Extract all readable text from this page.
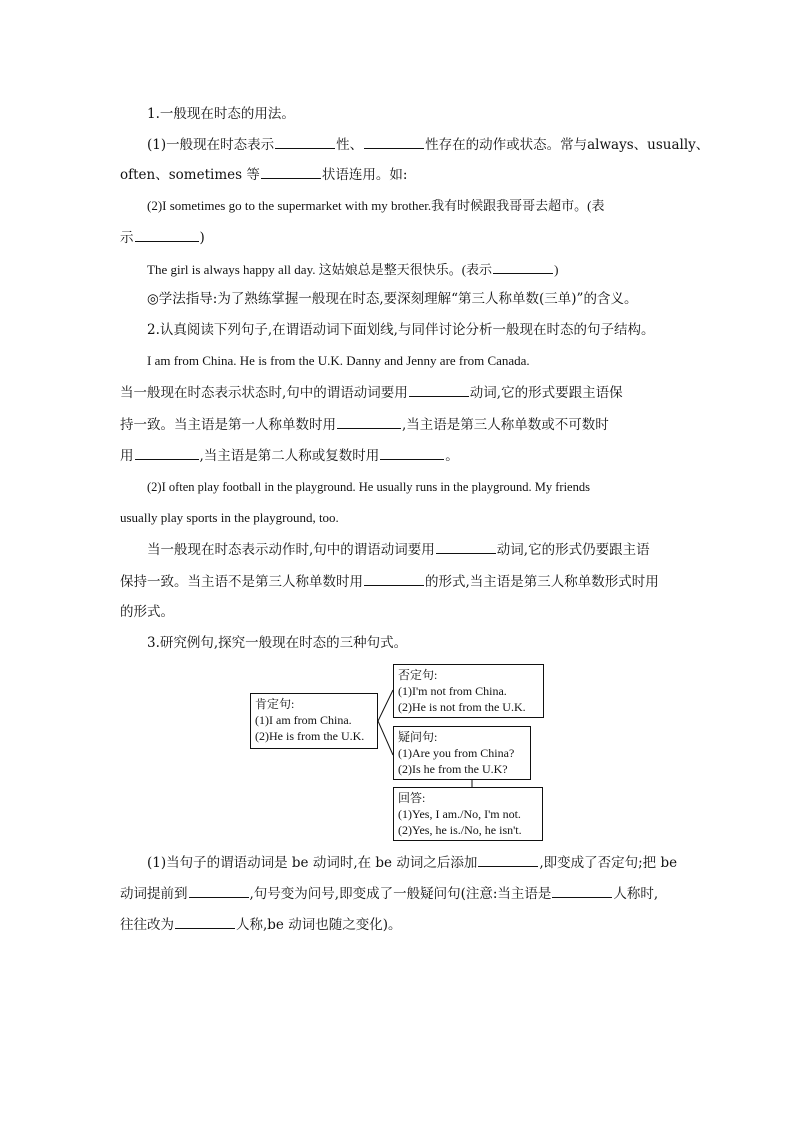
1.一般现在时态的用法。
(1)一般现在时态表示	性、	性存在的动作或状态。常与always、usually、
often、sometimes 等	状语连用。如:
(2)I sometimes go to the supermarket with my brother.我有时候跟我哥哥去超市。(表
示	)
The girl is always happy all day. 这姑娘总是整天很快乐。(表示	)
◎学法指导:为了熟练掌握一般现在时态,要深刻理解“第三人称单数(三单)”的含义。
2.认真阅读下列句子,在谓语动词下面划线,与同伴讨论分析一般现在时态的句子结构。
I am from China. He is from the U.K. Danny and Jenny are from Canada.
当一般现在时态表示状态时,句中的谓语动词要用	动词,它的形式要跟主语保
持一致。当主语是第一人称单数时用	,当主语是第三人称单数或不可数时
用	,当主语是第二人称或复数时用	。
(2)I often play football in the playground. He usually runs in the playground. My friends
usually play sports in the playground, too.
当一般现在时态表示动作时,句中的谓语动词要用	动词,它的形式仍要跟主语
保持一致。当主语不是第三人称单数时用	的形式,当主语是第三人称单数形式时用
的形式。
3.研究例句,探究一般现在时态的三种句式。
肯定句:
(1)I am from China.
(2)He is from the U.K.
否定句:
(1)I'm not from China.
(2)He is not from the U.K.
疑问句:
(1)Are you from China?
(2)Is he from the U.K?
回答:
(1)Yes, I am./No, I'm not.
(2)Yes, he is./No, he isn't.
(1)当句子的谓语动词是 be 动词时,在 be 动词之后添加	,即变成了否定句;把 be
动词提前到	,句号变为问号,即变成了一般疑问句(注意:当主语是	人称时,
往往改为	人称,be 动词也随之变化)。
